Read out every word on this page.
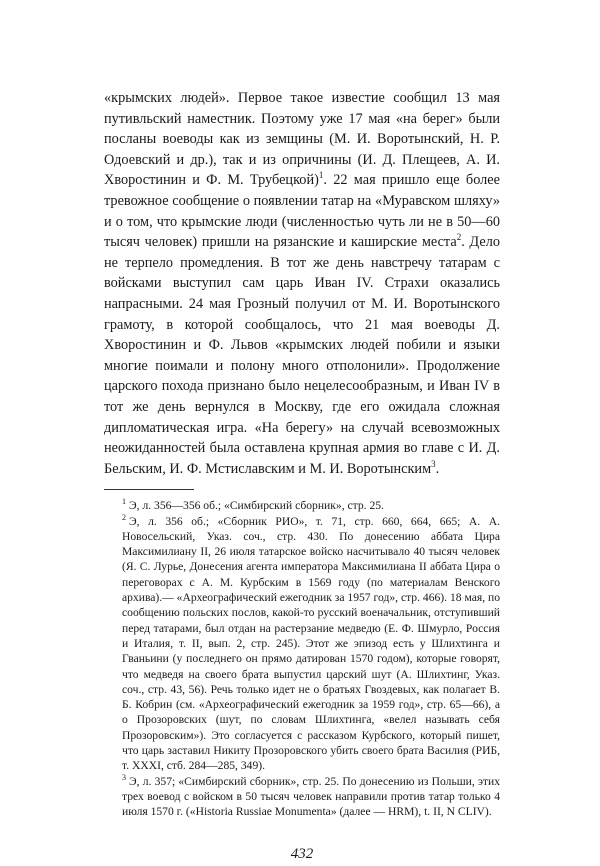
«крымских людей». Первое такое известие сообщил 13 мая путивльский наместник. Поэтому уже 17 мая «на берег» были посланы воеводы как из земщины (М. И. Воротынский, Н. Р. Одоевский и др.), так и из опричнины (И. Д. Плещеев, А. И. Хворостинин и Ф. М. Трубецкой)$^1$. 22 мая пришло еще более тревожное сообщение о появлении татар на «Муравском шляху» и о том, что крымские люди (численностью чуть ли не в 50—60 тысяч человек) пришли на рязанские и каширские места$^2$. Дело не терпело промедления. В тот же день навстречу татарам с войсками выступил сам царь Иван IV. Страхи оказались напрасными. 24 мая Грозный получил от М. И. Воротынского грамоту, в которой сообщалось, что 21 мая воеводы Д. Хворостинин и Ф. Львов «крымских людей побили и языки многие поимали и полону много отполонили». Продолжение царского похода признано было нецелесообразным, и Иван IV в тот же день вернулся в Москву, где его ожидала сложная дипломатическая игра. «На берегу» на случай всевозможных неожиданностей была оставлена крупная армия во главе с И. Д. Бельским, И. Ф. Мстиславским и М. И. Воротынским$^3$.

$^1$ Э, л. 356—356 об.; «Симбирский сборник», стр. 25.

$^2$ Э, л. 356 об.; «Сборник РИО», т. 71, стр. 660, 664, 665; А. А. Новосельский, Указ. соч., стр. 430. По донесению аббата Цира Максимилиану II, 26 июля татарское войско насчитывало 40 тысяч человек (Я. С. Лурье, Донесения агента императора Максимилиана II аббата Цира о переговорах с А. М. Курбским в 1569 году (по материалам Венского архива).— «Археографический ежегодник за 1957 год», стр. 466). 18 мая, по сообщению польских послов, какой-то русский военачальник, отступивший перед татарами, был отдан на растерзание медведю (Е. Ф. Шмурло, Россия и Италия, т. II, вып. 2, стр. 245). Этот же эпизод есть у Шлихтинга и Гваньини (у последнего он прямо датирован 1570 годом), которые говорят, что медведя на своего брата выпустил царский шут (А. Шлихтинг, Указ. соч., стр. 43, 56). Речь только идет не о братьях Гвоздевых, как полагает В. Б. Кобрин (см. «Археографический ежегодник за 1959 год», стр. 65—66), а о Прозоровских (шут, по словам Шлихтинга, «велел называть себя Прозоровским»). Это согласуется с рассказом Курбского, который пишет, что царь заставил Никиту Прозоровского убить своего брата Василия (РИБ, т. XXXI, стб. 284—285, 349).

$^3$ Э, л. 357; «Симбирский сборник», стр. 25. По донесению из Польши, этих трех воевод с войском в 50 тысяч человек направили против татар только 4 июля 1570 г. («Historia Russiae Monumenta» (далее — HRM), t. II, N CLIV).

432
